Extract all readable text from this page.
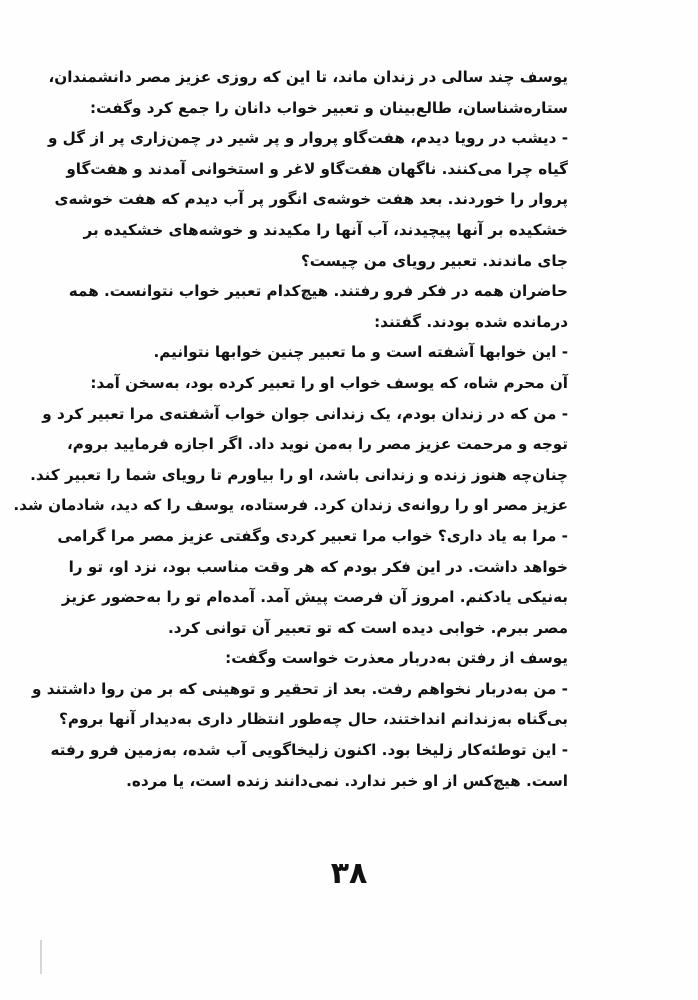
یوسف چند سالی در زندان ماند، تا این که روزی عزیز مصر دانشمندان،
ستاره‌شناسان، طالع‌بینان و تعبیر خواب دانان را جمع کرد وگفت:
- دیشب در رویا دیدم، هفت‌گاو پروار و پر شیر در چمن‌زاری پر از گل و
گیاه چرا می‌کنند. ناگهان هفت‌گاو لاغر و استخوانی آمدند و هفت‌گاو
پروار را خوردند. بعد هفت خوشه‌ی انگور پر آب دیدم که هفت خوشه‌ی
خشکیده بر آنها پیچیدند، آب آنها را مکیدند و خوشه‌های خشکیده بر
جای ماندند. تعبیر رویای من چیست؟
حاضران همه در فکر فرو رفتند. هیچ‌کدام تعبیر خواب نتوانست. همه
درمانده شده بودند. گفتند:
- این خوابها آشفته است و ما تعبیر چنین خوابها نتوانیم.
آن محرم شاه، که یوسف خواب او را تعبیر کرده بود، به‌سخن آمد:
- من که در زندان بودم، یک زندانی جوان خواب آشفته‌ی مرا تعبیر کرد و
توجه و مرحمت عزیز مصر را به‌من نوید داد. اگر اجازه فرمایید بروم،
چنان‌چه هنوز زنده و زندانی باشد، او را بیاورم تا رویای شما را تعبیر کند.
عزیز مصر او را روانه‌ی زندان کرد. فرستاده، یوسف را که دید، شادمان شد.
- مرا به یاد داری؟ خواب مرا تعبیر کردی وگفتی عزیز مصر مرا گرامی
خواهد داشت. در این فکر بودم که هر وقت مناسب بود، نزد او، تو را
به‌نیکی یادکنم. امروز آن فرصت پیش آمد. آمده‌ام تو را به‌حضور عزیز
مصر ببرم. خوابی دیده است که تو تعبیر آن توانی کرد.
یوسف از رفتن به‌دربار معذرت خواست وگفت:
- من به‌دربار نخواهم رفت. بعد از تحقیر و توهینی که بر من روا داشتند و
بی‌گناه به‌زندانم انداختند، حال چه‌طور انتظار داری به‌دیدار آنها بروم؟
- این توطئه‌کار زلیخا بود. اکنون زلیخاگویی آب شده، به‌زمین فرو رفته
است. هیچ‌کس از او خبر ندارد. نمی‌دانند زنده است، یا مرده.
۳۸
